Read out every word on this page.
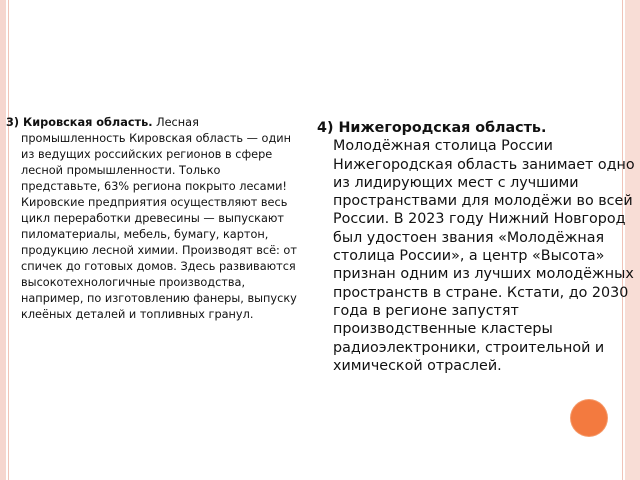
3) Кировская область. Лесная промышленность Кировская область — один из ведущих российских регионов в сфере лесной промышленности. Только представьте, 63% региона покрыто лесами! Кировские предприятия осуществляют весь цикл переработки древесины — выпускают пиломатериалы, мебель, бумагу, картон, продукцию лесной химии. Производят всё: от спичек до готовых домов. Здесь развиваются высокотехнологичные производства, например, по изготовлению фанеры, выпуску клеёных деталей и топливных гранул.

4) Нижегородская область. Молодёжная столица России Нижегородская область занимает одно из лидирующих мест с лучшими пространствами для молодёжи во всей России. В 2023 году Нижний Новгород был удостоен звания «Молодёжная столица России», а центр «Высота» признан одним из лучших молодёжных пространств в стране. Кстати, до 2030 года в регионе запустят производственные кластеры радиоэлектроники, строительной и химической отраслей.
